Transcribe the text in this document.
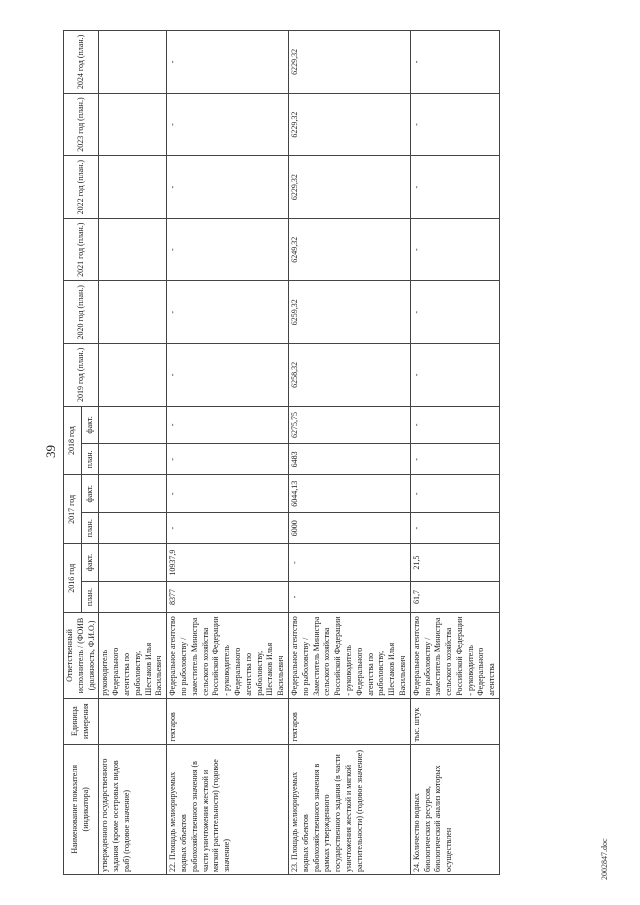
39
Наименование показателя (индикатора)	Единица измерения	Ответственный исполнитель / (ФОИВ (должность, Ф.И.О.)	2016 год		2017 год		2018 год		2019 год (план.)	2020 год (план.)	2021 год (план.)	2022 год (план.)	2023 год (план.)	2024 год (план.)
			план.	факт.	план.	факт.	план.	факт.						
утвержденного государственного задания (кроме осетровых видов рыб) (годовое значение)		руководитель Федерального агентства по рыболовству, Шестаков Илья Васильевич												
22. Площадь мелиорируемых водных объектов рыбохозяйственного значения (в части уничтожения жесткой и мягкой растительности) (годовое значение)	гектаров	Федеральное агентство по рыболовству / заместитель Министра сельского хозяйства Российской Федерации - руководитель Федерального агентства по рыболовству, Шестаков Илья Васильевич	8377	10937,9	-	-	-	-	-	-	-	-	-	-
23. Площадь мелиорируемых водных объектов рыбохозяйственного значения в рамках утвержденного государственного задания (в части уничтожения жесткой и мягкой растительности) (годовое значение)	гектаров	Федеральное агентство по рыболовству / Заместитель Министра сельского хозяйства Российской Федерации - руководитель Федерального агентства по рыболовству, Шестаков Илья Васильевич	-	-	6000	6044,13	6483	6275,75	6258,32	6259,32	6249,32	6229,32	6229,32	6229,32
24. Количество водных биологических ресурсов, биологический анализ которых осуществлен	тыс. штук	Федеральное агентство по рыболовству / заместитель Министра сельского хозяйства Российской Федерации - руководитель Федерального агентства	61,7	21,5	-	-	-	-	-	-	-	-	-	-
2002847.doc
